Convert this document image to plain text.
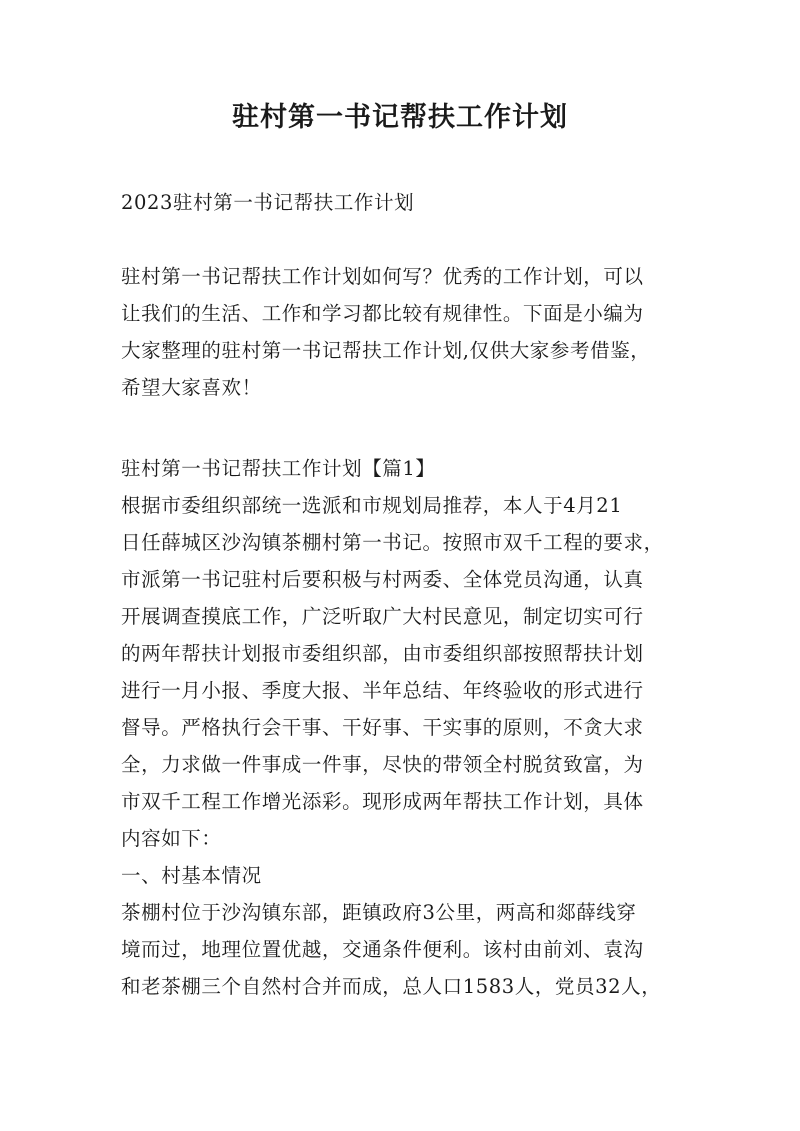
驻村第一书记帮扶工作计划
2023驻村第一书记帮扶工作计划
驻村第一书记帮扶工作计划如何写？优秀的工作计划，可以
让我们的生活、工作和学习都比较有规律性。下面是小编为
大家整理的驻村第一书记帮扶工作计划,仅供大家参考借鉴，
希望大家喜欢！
驻村第一书记帮扶工作计划【篇1】
根据市委组织部统一选派和市规划局推荐，本人于4月21
日任薛城区沙沟镇茶棚村第一书记。按照市双千工程的要求，
市派第一书记驻村后要积极与村两委、全体党员沟通，认真
开展调查摸底工作，广泛听取广大村民意见，制定切实可行
的两年帮扶计划报市委组织部，由市委组织部按照帮扶计划
进行一月小报、季度大报、半年总结、年终验收的形式进行
督导。严格执行会干事、干好事、干实事的原则，不贪大求
全，力求做一件事成一件事，尽快的带领全村脱贫致富，为
市双千工程工作增光添彩。现形成两年帮扶工作计划，具体
内容如下：
一、村基本情况
茶棚村位于沙沟镇东部，距镇政府3公里，两高和郯薛线穿
境而过，地理位置优越，交通条件便利。该村由前刘、袁沟
和老茶棚三个自然村合并而成，总人口1583人，党员32人，
